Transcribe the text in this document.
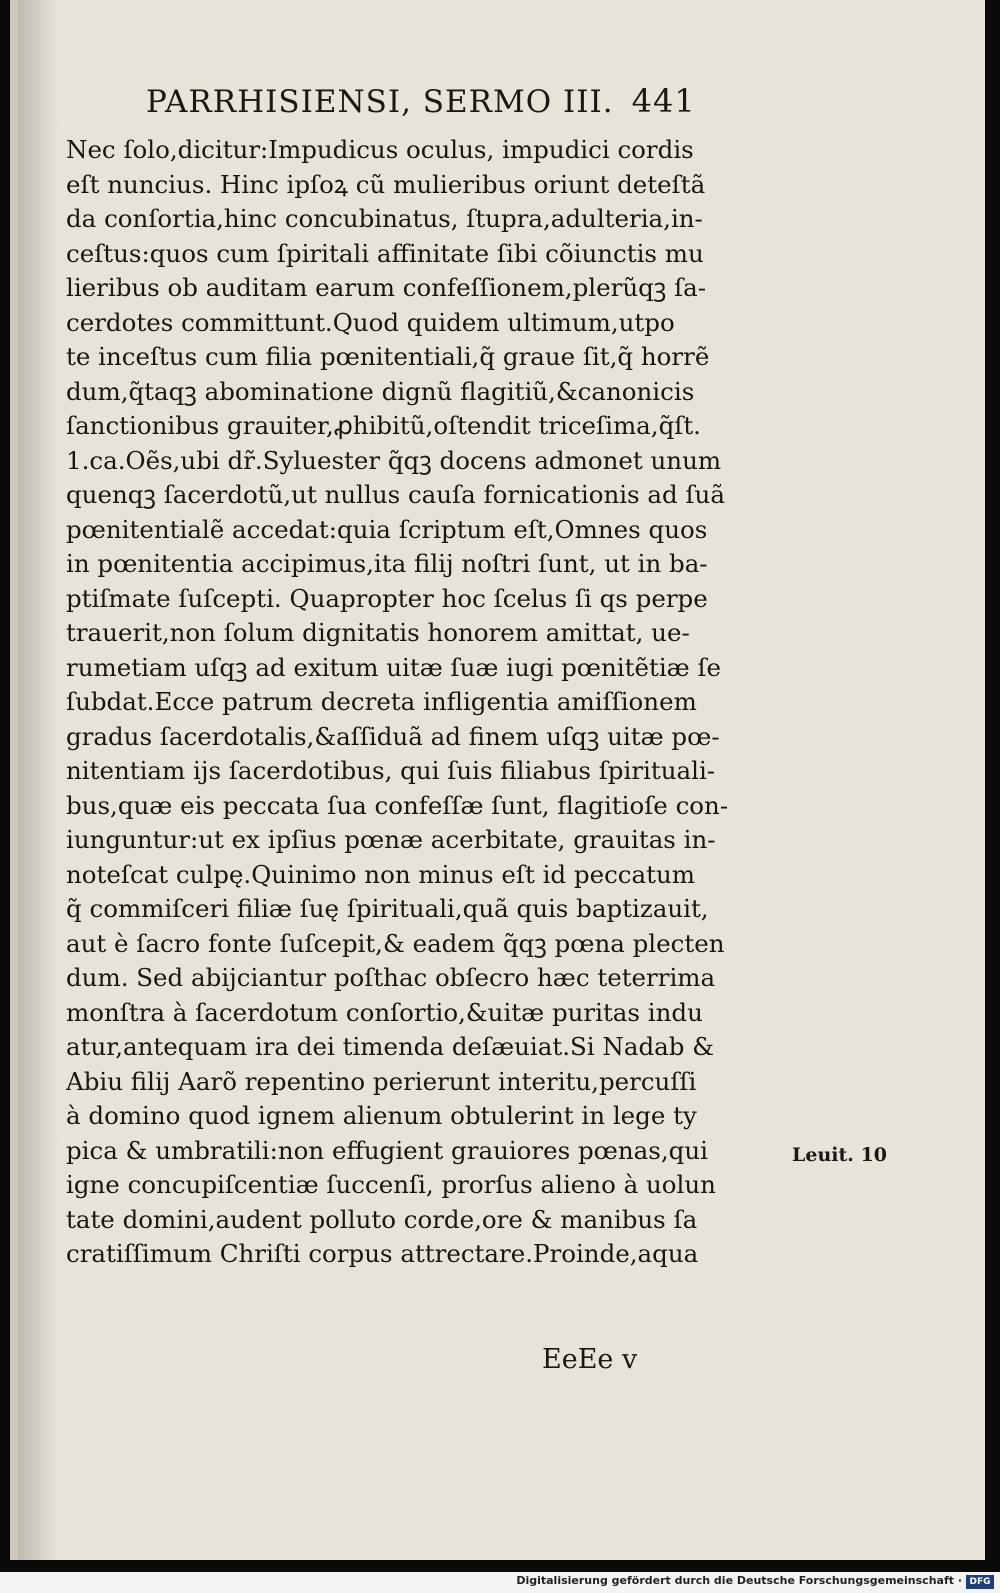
PARRHISIENSI, SERMO III. 441
Nec ſolo,dicitur:Impudicus oculus, impudici cordis
eſt nuncius. Hinc ipſoꝝ cũ mulieribus oriunt deteſtã
da conſortia,hinc concubinatus, ſtupra,adulteria,in-
ceſtus:quos cum ſpiritali affinitate ſibi cõiunctis mu
lieribus ob auditam earum confeſſionem,plerũqꝫ ſa-
cerdotes committunt.Quod quidem ultimum,utpo
te inceſtus cum filia pœnitentiali,q̃ graue ſit,q̃ horrẽ
dum,q̃taqꝫ abominatione dignũ flagitiũ,&canonicis
ſanctionibus grauiter,ꝓhibitũ,oſtendit triceſima,q̃ſt.
1.ca.Oẽs,ubi dr̃.Syluester q̃qꝫ docens admonet unum
quenqꝫ ſacerdotũ,ut nullus cauſa fornicationis ad ſuã
pœnitentialẽ accedat:quia ſcriptum eſt,Omnes quos
in pœnitentia accipimus,ita filij noſtri ſunt, ut in ba-
ptiſmate ſuſcepti. Quapropter hoc ſcelus ſi qs perpe
trauerit,non ſolum dignitatis honorem amittat, ue-
rumetiam uſqꝫ ad exitum uitæ ſuæ iugi pœnitẽtiæ ſe
ſubdat.Ecce patrum decreta infligentia amiſſionem
gradus ſacerdotalis,&aſſiduã ad finem uſqꝫ uitæ pœ-
nitentiam ijs ſacerdotibus, qui ſuis filiabus ſpirituali-
bus,quæ eis peccata ſua confeſſæ ſunt, flagitioſe con-
iunguntur:ut ex ipſius pœnæ acerbitate, grauitas in-
noteſcat culpę.Quinimo non minus eſt id peccatum
q̃ commiſceri filiæ ſuę ſpirituali,quã quis baptizauit,
aut è ſacro fonte ſuſcepit,& eadem q̃qꝫ pœna plecten
dum. Sed abijciantur poſthac obſecro hæc teterrima
monſtra à ſacerdotum conſortio,&uitæ puritas indu
atur,antequam ira dei timenda deſæuiat.Si Nadab &
Abiu filij Aarõ repentino perierunt interitu,percuſſi
à domino quod ignem alienum obtulerint in lege ty
pica & umbratili:non effugient grauiores pœnas,qui
igne concupiſcentiæ ſuccenſi, prorſus alieno à uolun
tate domini,audent polluto corde,ore & manibus ſa
cratiſſimum Chriſti corpus attrectare.Proinde,aqua
Leuit. 10
EeEe v
Digitalisierung gefördert durch die Deutsche Forschungsgemeinschaft · DFG
